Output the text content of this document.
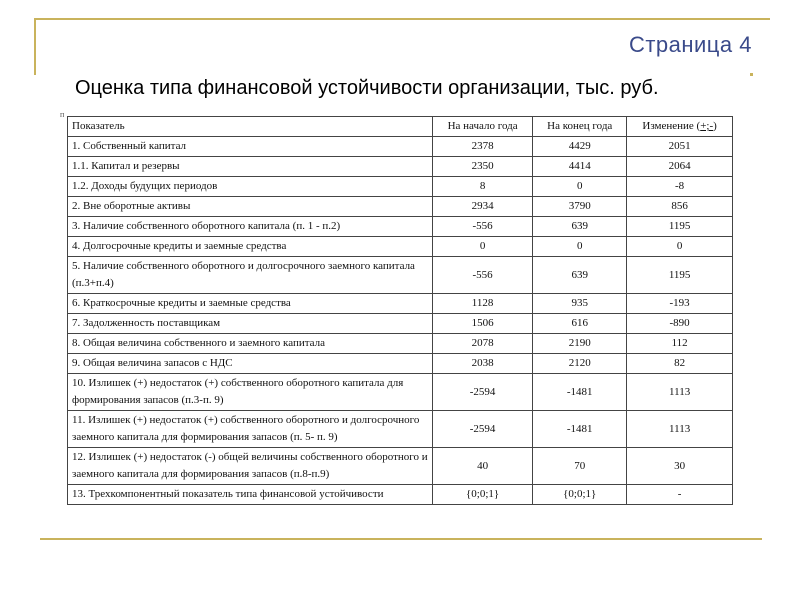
Страница 4
Оценка типа финансовой устойчивости организации, тыс. руб.
ᴨ
Показатель	На начало года	На конец года	Изменение (+;-)
1. Собственный капитал	2378	4429	2051
1.1. Капитал и резервы	2350	4414	2064
1.2. Доходы будущих периодов	8	0	-8
2. Вне оборотные активы	2934	3790	856
3. Наличие собственного оборотного капитала (п. 1 - п.2)	-556	639	1195
4. Долгосрочные кредиты и заемные средства	0	0	0
5. Наличие собственного оборотного и долгосрочного заемного капитала (п.3+п.4)	-556	639	1195
6. Краткосрочные кредиты и заемные средства	1128	935	-193
7. Задолженность поставщикам	1506	616	-890
8. Общая величина собственного и заемного капитала	2078	2190	112
9. Общая величина запасов с НДС	2038	2120	82
10. Излишек (+) недостаток (+) собственного оборотного капитала для формирования запасов (п.3-п. 9)	-2594	-1481	1113
11. Излишек (+) недостаток (+) собственного оборотного и долгосрочного заемного капитала для формирования запасов (п. 5- п. 9)	-2594	-1481	1113
12. Излишек (+) недостаток (-) общей величины собственного оборотного и заемного капитала для формирования запасов (п.8-п.9)	40	70	30
13. Трехкомпонентный показатель типа финансовой устойчивости	{0;0;1}	{0;0;1}	-
